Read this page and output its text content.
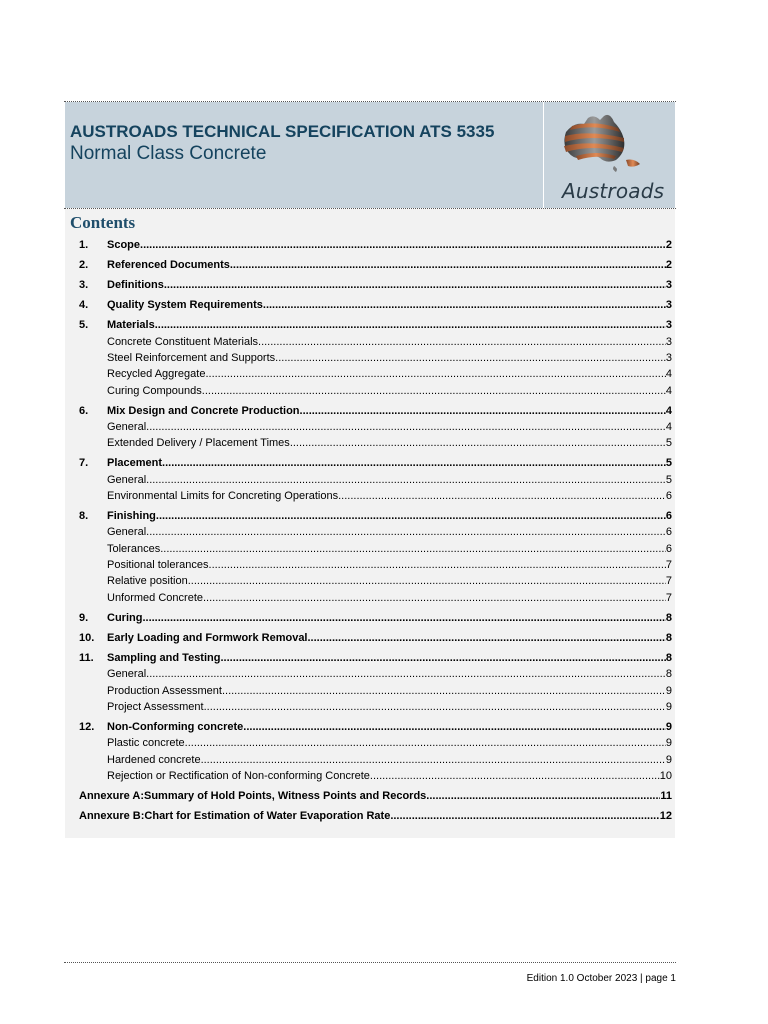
AUSTROADS TECHNICAL SPECIFICATION ATS 5335
Normal Class Concrete
Austroads
Contents
1. Scope .....	2
2. Referenced Documents .....	2
3. Definitions .....	3
4. Quality System Requirements .....	3
5. Materials .....	3
Concrete Constituent Materials .....	3
Steel Reinforcement and Supports .....	3
Recycled Aggregate .....	4
Curing Compounds .....	4
6. Mix Design and Concrete Production .....	4
General .....	4
Extended Delivery / Placement Times .....	5
7. Placement .....	5
General .....	5
Environmental Limits for Concreting Operations .....	6
8. Finishing .....	6
General .....	6
Tolerances .....	6
Positional tolerances .....	7
Relative position .....	7
Unformed Concrete .....	7
9. Curing .....	8
10. Early Loading and Formwork Removal .....	8
11. Sampling and Testing .....	8
General .....	8
Production Assessment .....	9
Project Assessment .....	9
12. Non-Conforming concrete .....	9
Plastic concrete .....	9
Hardened concrete .....	9
Rejection or Rectification of Non-conforming Concrete .....	10
Annexure A: Summary of Hold Points, Witness Points and Records .....	11
Annexure B: Chart for Estimation of Water Evaporation Rate .....	12
Edition 1.0 October 2023 | page 1
